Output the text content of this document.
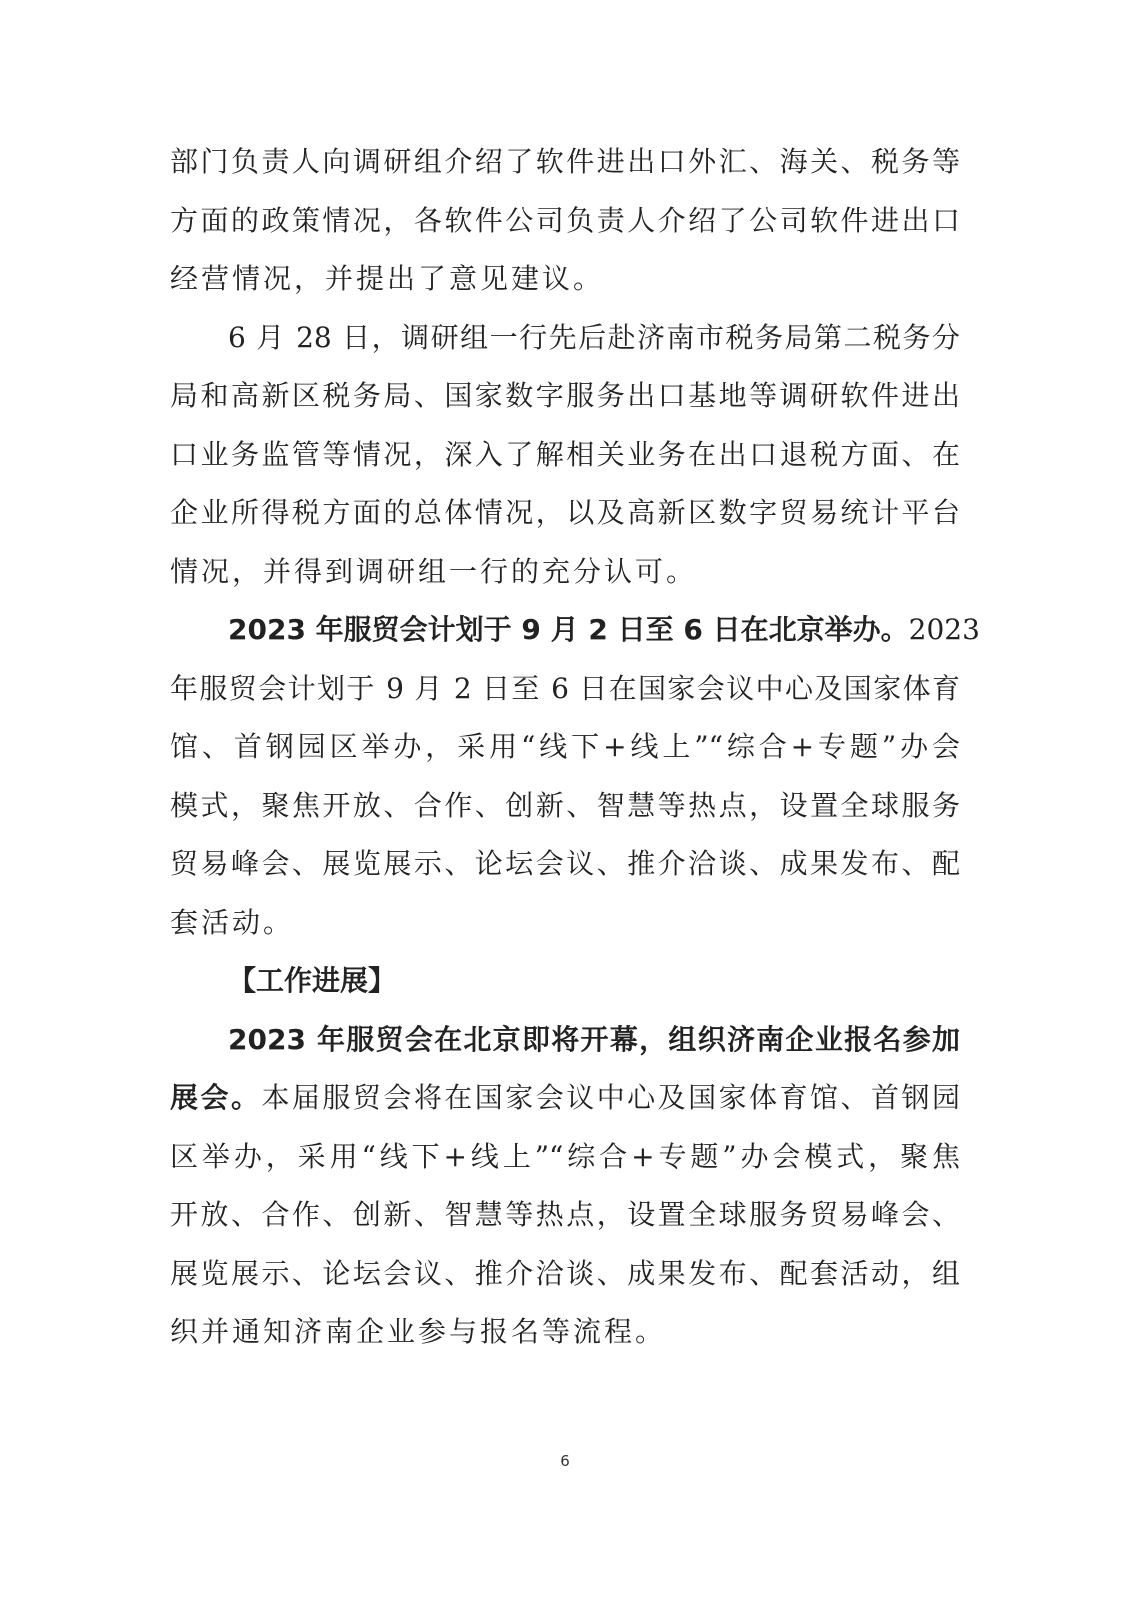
部门负责人向调研组介绍了软件进出口外汇、海关、税务等
方面的政策情况，各软件公司负责人介绍了公司软件进出口
经营情况，并提出了意见建议。
6 月 28 日，调研组一行先后赴济南市税务局第二税务分
局和高新区税务局、国家数字服务出口基地等调研软件进出
口业务监管等情况，深入了解相关业务在出口退税方面、在
企业所得税方面的总体情况，以及高新区数字贸易统计平台
情况，并得到调研组一行的充分认可。
2023 年服贸会计划于 9 月 2 日至 6 日在北京举办。2023
年服贸会计划于 9 月 2 日至 6 日在国家会议中心及国家体育
馆、首钢园区举办，采用“线下+线上”“综合+专题”办会
模式，聚焦开放、合作、创新、智慧等热点，设置全球服务
贸易峰会、展览展示、论坛会议、推介洽谈、成果发布、配
套活动。
【工作进展】
2023 年服贸会在北京即将开幕，组织济南企业报名参加
展会。本届服贸会将在国家会议中心及国家体育馆、首钢园
区举办，采用“线下+线上”“综合+专题”办会模式，聚焦
开放、合作、创新、智慧等热点，设置全球服务贸易峰会、
展览展示、论坛会议、推介洽谈、成果发布、配套活动，组
织并通知济南企业参与报名等流程。
6
